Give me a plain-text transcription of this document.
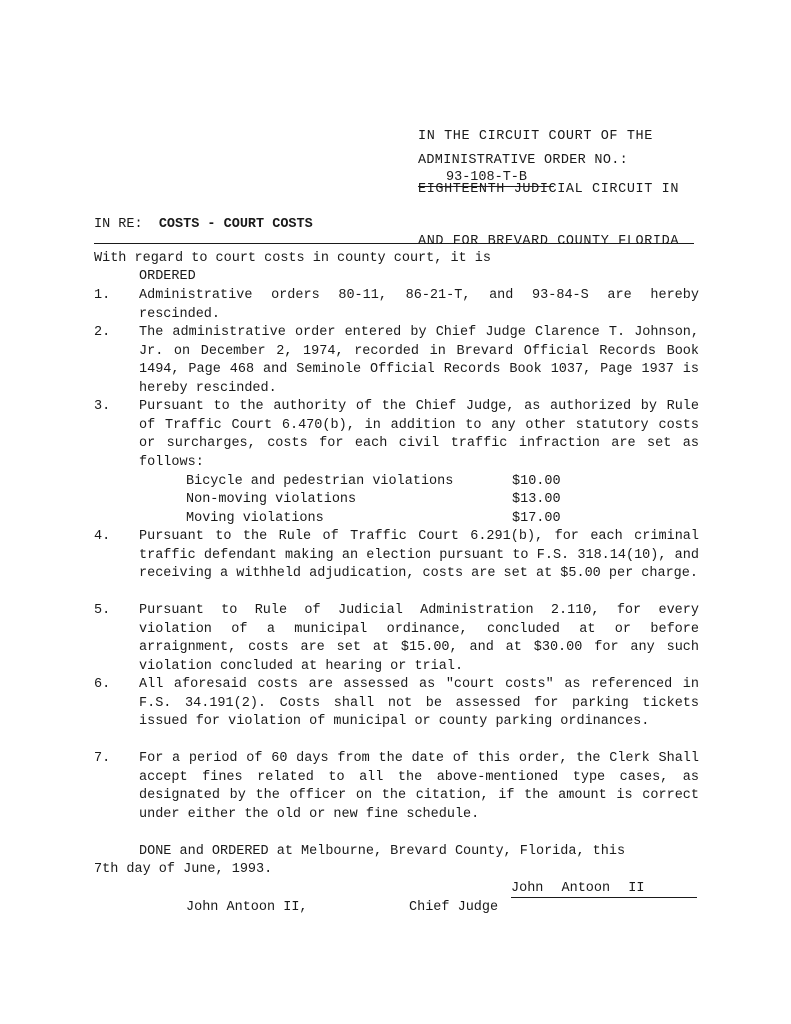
IN THE CIRCUIT COURT OF THE

EIGHTEENTH JUDICIAL CIRCUIT IN

AND FOR BREVARD COUNTY FLORIDA

ADMINISTRATIVE ORDER NO.:
93-108-T-B
IN RE: COSTS - COURT COSTS
With regard to court costs in county court, it is
ORDERED
1. Administrative orders 80-11, 86-21-T, and 93-84-S are hereby rescinded.
2. The administrative order entered by Chief Judge Clarence T. Johnson, Jr. on December 2, 1974, recorded in Brevard Official Records Book 1494, Page 468 and Seminole Official Records Book 1037, Page 1937 is hereby rescinded.
3. Pursuant to the authority of the Chief Judge, as authorized by Rule of Traffic Court 6.470(b), in addition to any other statutory costs or surcharges, costs for each civil traffic infraction are set as follows:
Bicycle and pedestrian violations	$10.00
Non-moving violations	$13.00
Moving violations	$17.00
4. Pursuant to the Rule of Traffic Court 6.291(b), for each criminal traffic defendant making an election pursuant to F.S. 318.14(10), and receiving a withheld adjudication, costs are set at $5.00 per charge.
5. Pursuant to Rule of Judicial Administration 2.110, for every violation of a municipal ordinance, concluded at or before arraignment, costs are set at $15.00, and at $30.00 for any such violation concluded at hearing or trial.
6. All aforesaid costs are assessed as "court costs" as referenced in F.S. 34.191(2). Costs shall not be assessed for parking tickets issued for violation of municipal or county parking ordinances.
7. For a period of 60 days from the date of this order, the Clerk Shall accept fines related to all the above-mentioned type cases, as designated by the officer on the citation, if the amount is correct under either the old or new fine schedule.
DONE and ORDERED at Melbourne, Brevard County, Florida, this
7th day of June, 1993.
John Antoon II
John Antoon II,	Chief Judge
